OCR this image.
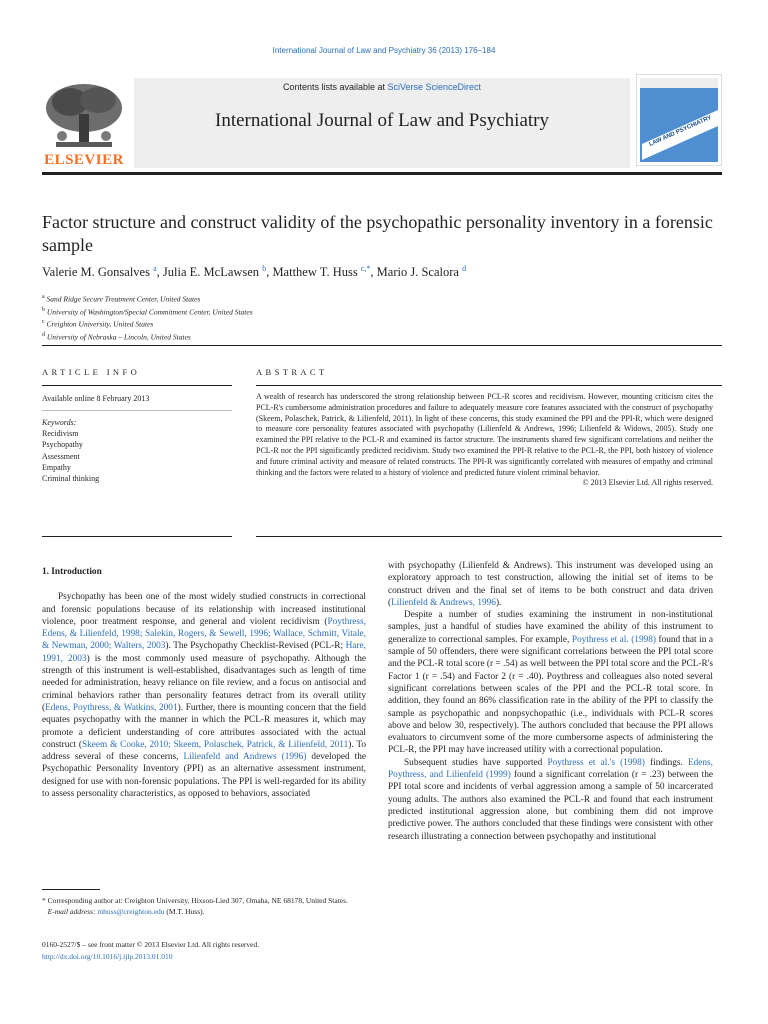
International Journal of Law and Psychiatry 36 (2013) 176–184
ELSEVIER
Contents lists available at SciVerse ScienceDirect
International Journal of Law and Psychiatry	LAW AND PSYCHIATRY
Factor structure and construct validity of the psychopathic personality inventory in a forensic sample
Valerie M. Gonsalves $^a$, Julia E. McLawsen $^b$, Matthew T. Huss $^{c,*}$, Mario J. Scalora $^d$
$^a$ Sand Ridge Secure Treatment Center, United States
$^b$ University of Washington/Special Commitment Center, United States
$^c$ Creighton University, United States
$^d$ University of Nebraska – Lincoln, United States
ARTICLE INFO	ABSTRACT
Available online 8 February 2013
Keywords:
Recidivism
Psychopathy
Assessment
Empathy
Criminal thinking
A wealth of research has underscored the strong relationship between PCL-R scores and recidivism. However, mounting criticism cites the PCL-R's cumbersome administration procedures and failure to adequately measure core features associated with the construct of psychopathy (Skeem, Polaschek, Patrick, & Lilienfeld, 2011). In light of these concerns, this study examined the PPI and the PPI-R, which were designed to measure core personality features associated with psychopathy (Lilienfeld & Andrews, 1996; Lilienfeld & Widows, 2005). Study one examined the PPI relative to the PCL-R and examined its factor structure. The instruments shared few significant correlations and neither the PCL-R nor the PPI significantly predicted recidivism. Study two examined the PPI-R relative to the PCL-R, the PPI, both history of violence and future criminal activity and measure of related constructs. The PPI-R was significantly correlated with measures of empathy and criminal thinking and the factors were related to a history of violence and predicted future violent criminal behavior.
© 2013 Elsevier Ltd. All rights reserved.
1. Introduction

Psychopathy has been one of the most widely studied constructs in correctional and forensic populations because of its relationship with increased institutional violence, poor treatment response, and general and violent recidivism (Poythress, Edens, & Lilienfeld, 1998; Salekin, Rogers, & Sewell, 1996; Wallace, Schmitt, Vitale, & Newman, 2000; Walters, 2003). The Psychopathy Checklist-Revised (PCL-R; Hare, 1991, 2003) is the most commonly used measure of psychopathy. Although the strength of this instrument is well-established, disadvantages such as length of time needed for administration, heavy reliance on file review, and a focus on antisocial and criminal behaviors rather than personality features detract from its overall utility (Edens, Poythress, & Watkins, 2001). Further, there is mounting concern that the field equates psychopathy with the manner in which the PCL-R measures it, which may promote a deficient understanding of core attributes associated with the actual construct (Skeem & Cooke, 2010; Skeem, Polaschek, Patrick, & Lilienfeld, 2011). To address several of these concerns, Lilienfeld and Andrews (1996) developed the Psychopathic Personality Inventory (PPI) as an alternative assessment instrument, designed for use with non-forensic populations. The PPI is well-regarded for its ability to assess personality characteristics, as opposed to behaviors, associated

* Corresponding author at: Creighton University, Hixson-Lied 307, Omaha, NE 68178, United States.
E-mail address: mhuss@creighton.edu (M.T. Huss).
0160-2527/$ – see front matter © 2013 Elsevier Ltd. All rights reserved.
http://dx.doi.org/10.1016/j.ijlp.2013.01.010

with psychopathy (Lilienfeld & Andrews). This instrument was developed using an exploratory approach to test construction, allowing the initial set of items to be construct driven and the final set of items to be both construct and data driven (Lilienfeld & Andrews, 1996).

Despite a number of studies examining the instrument in non-institutional samples, just a handful of studies have examined the ability of this instrument to generalize to correctional samples. For example, Poythress et al. (1998) found that in a sample of 50 offenders, there were significant correlations between the PPI total score and the PCL-R total score (r = .54) as well between the PPI total score and the PCL-R's Factor 1 (r = .54) and Factor 2 (r = .40). Poythress and colleagues also noted several significant correlations between scales of the PPI and the PCL-R total score. In addition, they found an 86% classification rate in the ability of the PPI to classify the sample as psychopathic and nonpsychopathic (i.e., individuals with PCL-R scores above and below 30, respectively). The authors concluded that because the PPI allows evaluators to circumvent some of the more cumbersome aspects of administering the PCL-R, the PPI may have increased utility with a correctional population.

Subsequent studies have supported Poythress et al.'s (1998) findings. Edens, Poythress, and Lilienfeld (1999) found a significant correlation (r = .23) between the PPI total score and incidents of verbal aggression among a sample of 50 incarcerated young adults. The authors also examined the PCL-R and found that each instrument predicted institutional aggression alone, but combining them did not improve predictive power. The authors concluded that these findings were consistent with other research illustrating a connection between psychopathy and institutional
